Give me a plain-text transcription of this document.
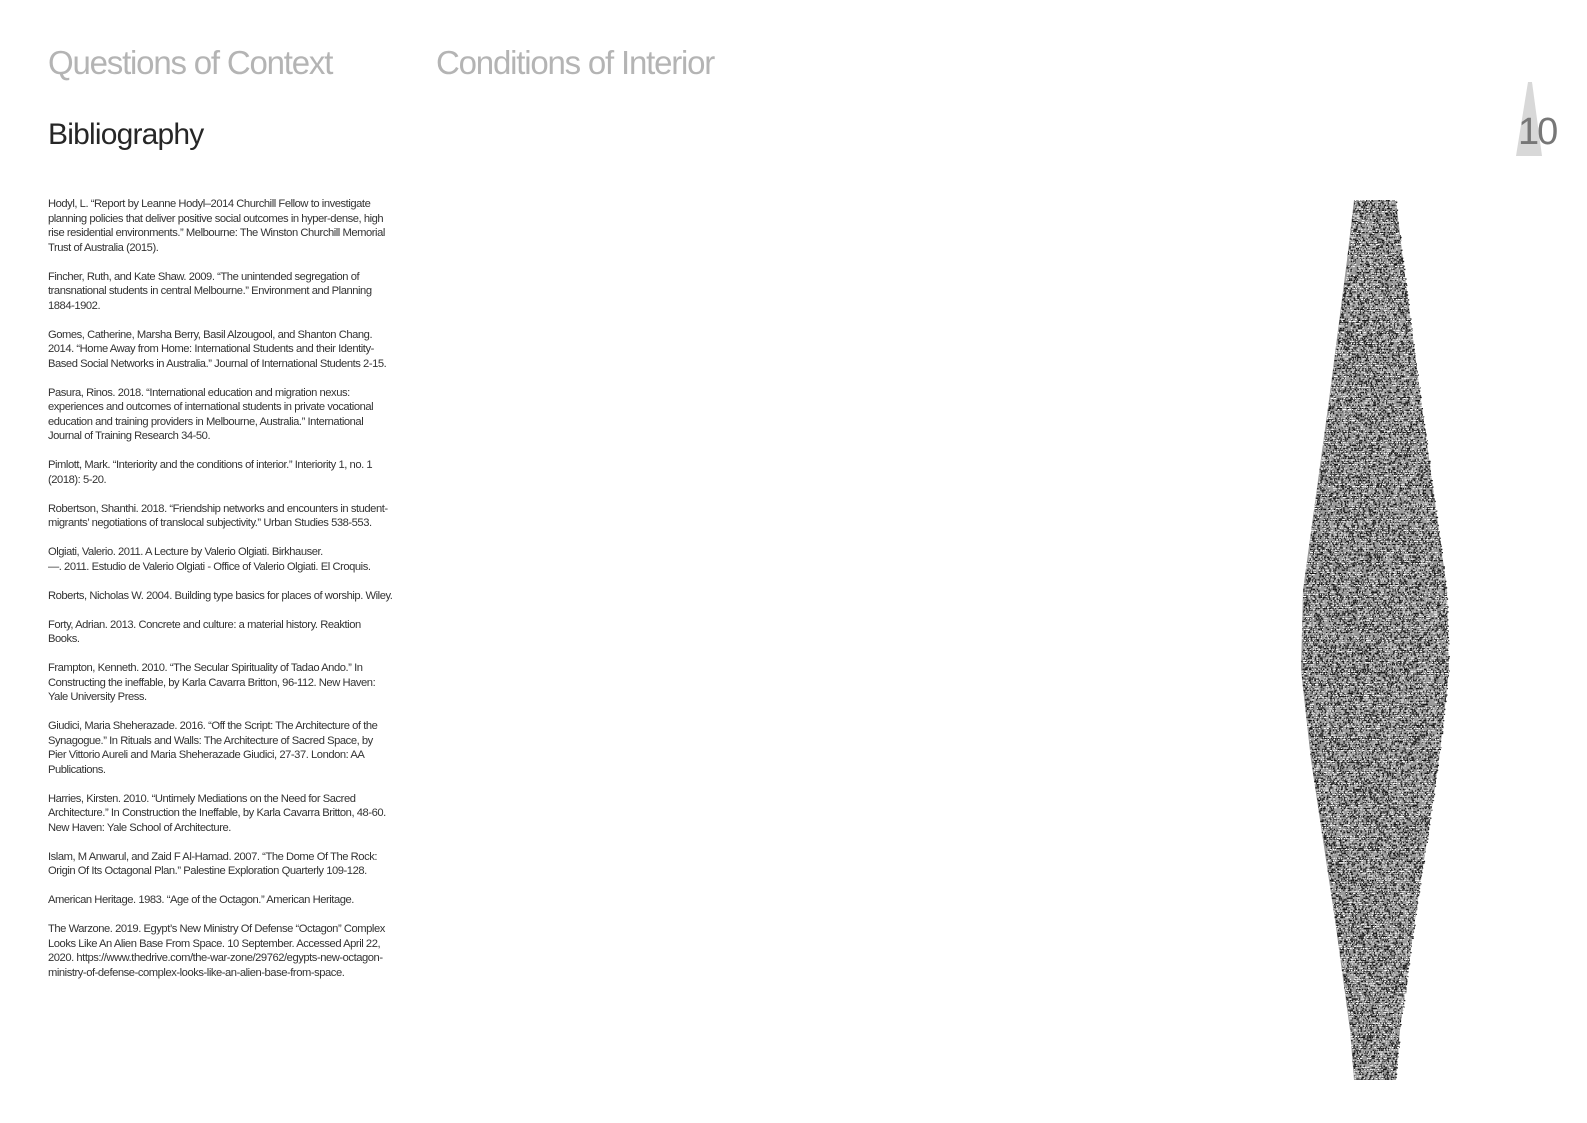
Questions of Context	Conditions of Interior
Bibliography	10
Hodyl, L. “Report by Leanne Hodyl–2014 Churchill Fellow to investigate planning policies that deliver positive social outcomes in hyper-dense, high rise residential environments.” Melbourne: The Winston Churchill Memorial Trust of Australia (2015).
Fincher, Ruth, and Kate Shaw. 2009. “The unintended segregation of transnational students in central Melbourne.” Environment and Planning 1884-1902.
Gomes, Catherine, Marsha Berry, Basil Alzougool, and Shanton Chang. 2014. “Home Away from Home: International Students and their Identity-Based Social Networks in Australia.” Journal of International Students 2-15.
Pasura, Rinos. 2018. “International education and migration nexus: experiences and outcomes of international students in private vocational education and training providers in Melbourne, Australia.” International Journal of Training Research 34-50.
Pimlott, Mark. “Interiority and the conditions of interior.” Interiority 1, no. 1 (2018): 5-20.
Robertson, Shanthi. 2018. “Friendship networks and encounters in student-migrants’ negotiations of translocal subjectivity.” Urban Studies 538-553.
Olgiati, Valerio. 2011. A Lecture by Valerio Olgiati. Birkhauser.
—. 2011. Estudio de Valerio Olgiati - Office of Valerio Olgiati. El Croquis.
Roberts, Nicholas W. 2004. Building type basics for places of worship. Wiley.
Forty, Adrian. 2013. Concrete and culture: a material history. Reaktion Books.
Frampton, Kenneth. 2010. “The Secular Spirituality of Tadao Ando.” In Constructing the ineffable, by Karla Cavarra Britton, 96-112. New Haven: Yale University Press.
Giudici, Maria Sheherazade. 2016. “Off the Script: The Architecture of the Synagogue.” In Rituals and Walls: The Architecture of Sacred Space, by Pier Vittorio Aureli and Maria Sheherazade Giudici, 27-37. London: AA Publications.
Harries, Kirsten. 2010. “Untimely Mediations on the Need for Sacred Architecture.” In Construction the Ineffable, by Karla Cavarra Britton, 48-60. New Haven: Yale School of Architecture.
Islam, M Anwarul, and Zaid F Al-Hamad. 2007. “The Dome Of The Rock: Origin Of Its Octagonal Plan.” Palestine Exploration Quarterly 109-128.
American Heritage. 1983. “Age of the Octagon.” American Heritage.
The Warzone. 2019. Egypt’s New Ministry Of Defense “Octagon” Complex Looks Like An Alien Base From Space. 10 September. Accessed April 22, 2020. https://www.thedrive.com/the-war-zone/29762/egypts-new-octagon-ministry-of-defense-complex-looks-like-an-alien-base-from-space.
